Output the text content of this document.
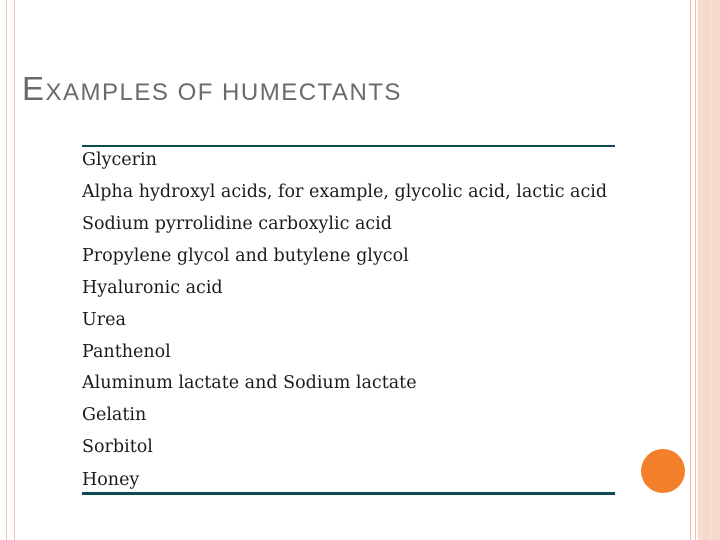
EXAMPLES OF HUMECTANTS
Glycerin
Alpha hydroxyl acids, for example, glycolic acid, lactic acid
Sodium pyrrolidine carboxylic acid
Propylene glycol and butylene glycol
Hyaluronic acid
Urea
Panthenol
Aluminum lactate and Sodium lactate
Gelatin
Sorbitol
Honey
